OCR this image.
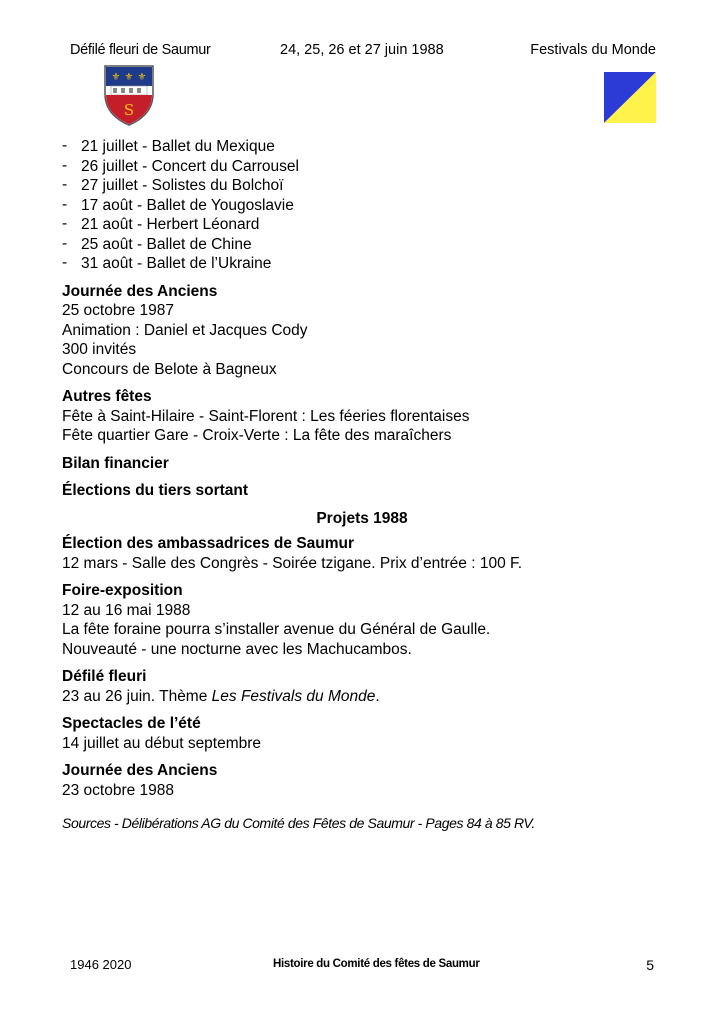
Défilé fleuri de Saumur	24, 25, 26 et 27 juin 1988	Festivals du Monde
⚜ ⚜ ⚜
S
- 21 juillet - Ballet du Mexique
- 26 juillet - Concert du Carrousel
- 27 juillet - Solistes du Bolchoï
- 17 août - Ballet de Yougoslavie
- 21 août - Herbert Léonard
- 25 août - Ballet de Chine
- 31 août - Ballet de l’Ukraine
Journée des Anciens
25 octobre 1987
Animation : Daniel et Jacques Cody
300 invités
Concours de Belote à Bagneux
Autres fêtes
Fête à Saint-Hilaire - Saint-Florent : Les féeries florentaises
Fête quartier Gare - Croix-Verte : La fête des maraîchers
Bilan financier
Élections du tiers sortant
Projets 1988
Élection des ambassadrices de Saumur
12 mars - Salle des Congrès - Soirée tzigane. Prix d’entrée : 100 F.
Foire-exposition
12 au 16 mai 1988
La fête foraine pourra s’installer avenue du Général de Gaulle.
Nouveauté - une nocturne avec les Machucambos.
Défilé fleuri
23 au 26 juin. Thème Les Festivals du Monde.
Spectacles de l’été
14 juillet au début septembre
Journée des Anciens
23 octobre 1988
Sources - Délibérations AG du Comité des Fêtes de Saumur - Pages 84 à 85 RV.
1946 2020	Histoire du Comité des fêtes de Saumur	5
